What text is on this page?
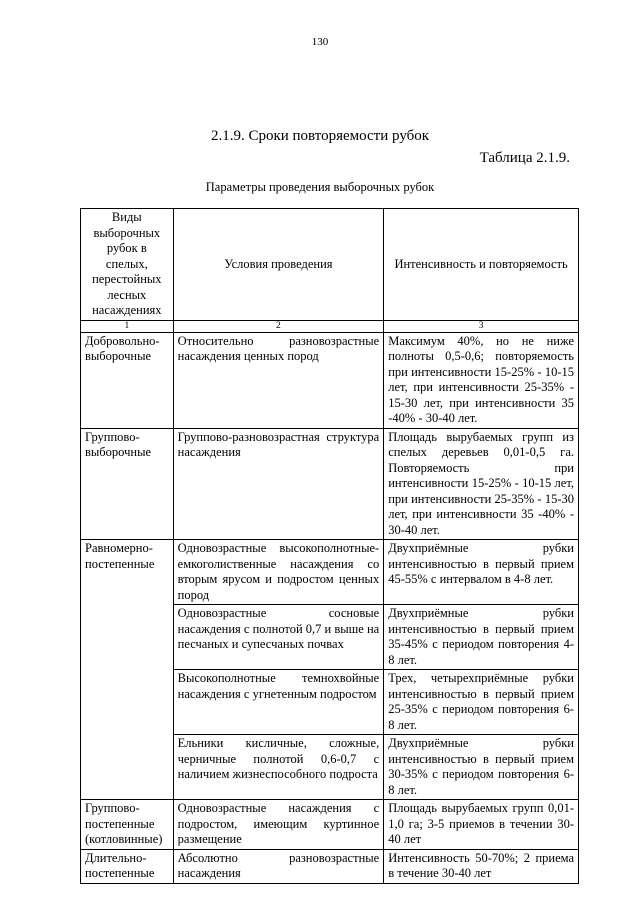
130
2.1.9. Сроки повторяемости рубок
Таблица 2.1.9.
Параметры проведения выборочных рубок
Виды выборочных рубок в спелых, перестойных лесных насаждениях	Условия проведения	Интенсивность и повторяемость
1	2	3
Добровольно-выборочные	Относительно разновозрастные насаждения ценных пород	Максимум 40%, но не ниже полноты 0,5-0,6; повторяемость при интенсивности 15-25% - 10-15 лет, при интенсивности 25-35% - 15-30 лет, при интенсивности 35 -40% - 30-40 лет.
Группово-выборочные	Группово-разновозрастная структура насаждения	Площадь вырубаемых групп из спелых деревьев 0,01-0,5 га. Повторяемость при интенсивности 15-25% - 10-15 лет, при интенсивности 25-35% - 15-30 лет, при интенсивности 35 -40% - 30-40 лет.
Равномерно-постепенные	Одновозрастные высокополнотные-емкоголиственные насаждения со вторым ярусом и подростом ценных пород	Двухприёмные рубки интенсивностью в первый прием 45-55% с интервалом в 4-8 лет.
	Одновозрастные сосновые насаждения с полнотой 0,7 и выше на песчаных и супесчаных почвах	Двухприёмные рубки интенсивностью в первый прием 35-45% с периодом повторения 4-8 лет.
	Высокополнотные темнохвойные насаждения с угнетенным подростом	Трех, четырехприёмные рубки интенсивностью в первый прием 25-35% с периодом повторения 6-8 лет.
	Ельники кисличные, сложные, черничные полнотой 0,6-0,7 с наличием жизнеспособного подроста	Двухприёмные рубки интенсивностью в первый прием 30-35% с периодом повторения 6-8 лет.
Группово-постепенные (котловинные)	Одновозрастные насаждения с подростом, имеющим куртинное размещение	Площадь вырубаемых групп 0,01-1,0 га; 3-5 приемов в течении 30-40 лет
Длительно-постепенные	Абсолютно разновозрастные насаждения	Интенсивность 50-70%; 2 приема в течение 30-40 лет
